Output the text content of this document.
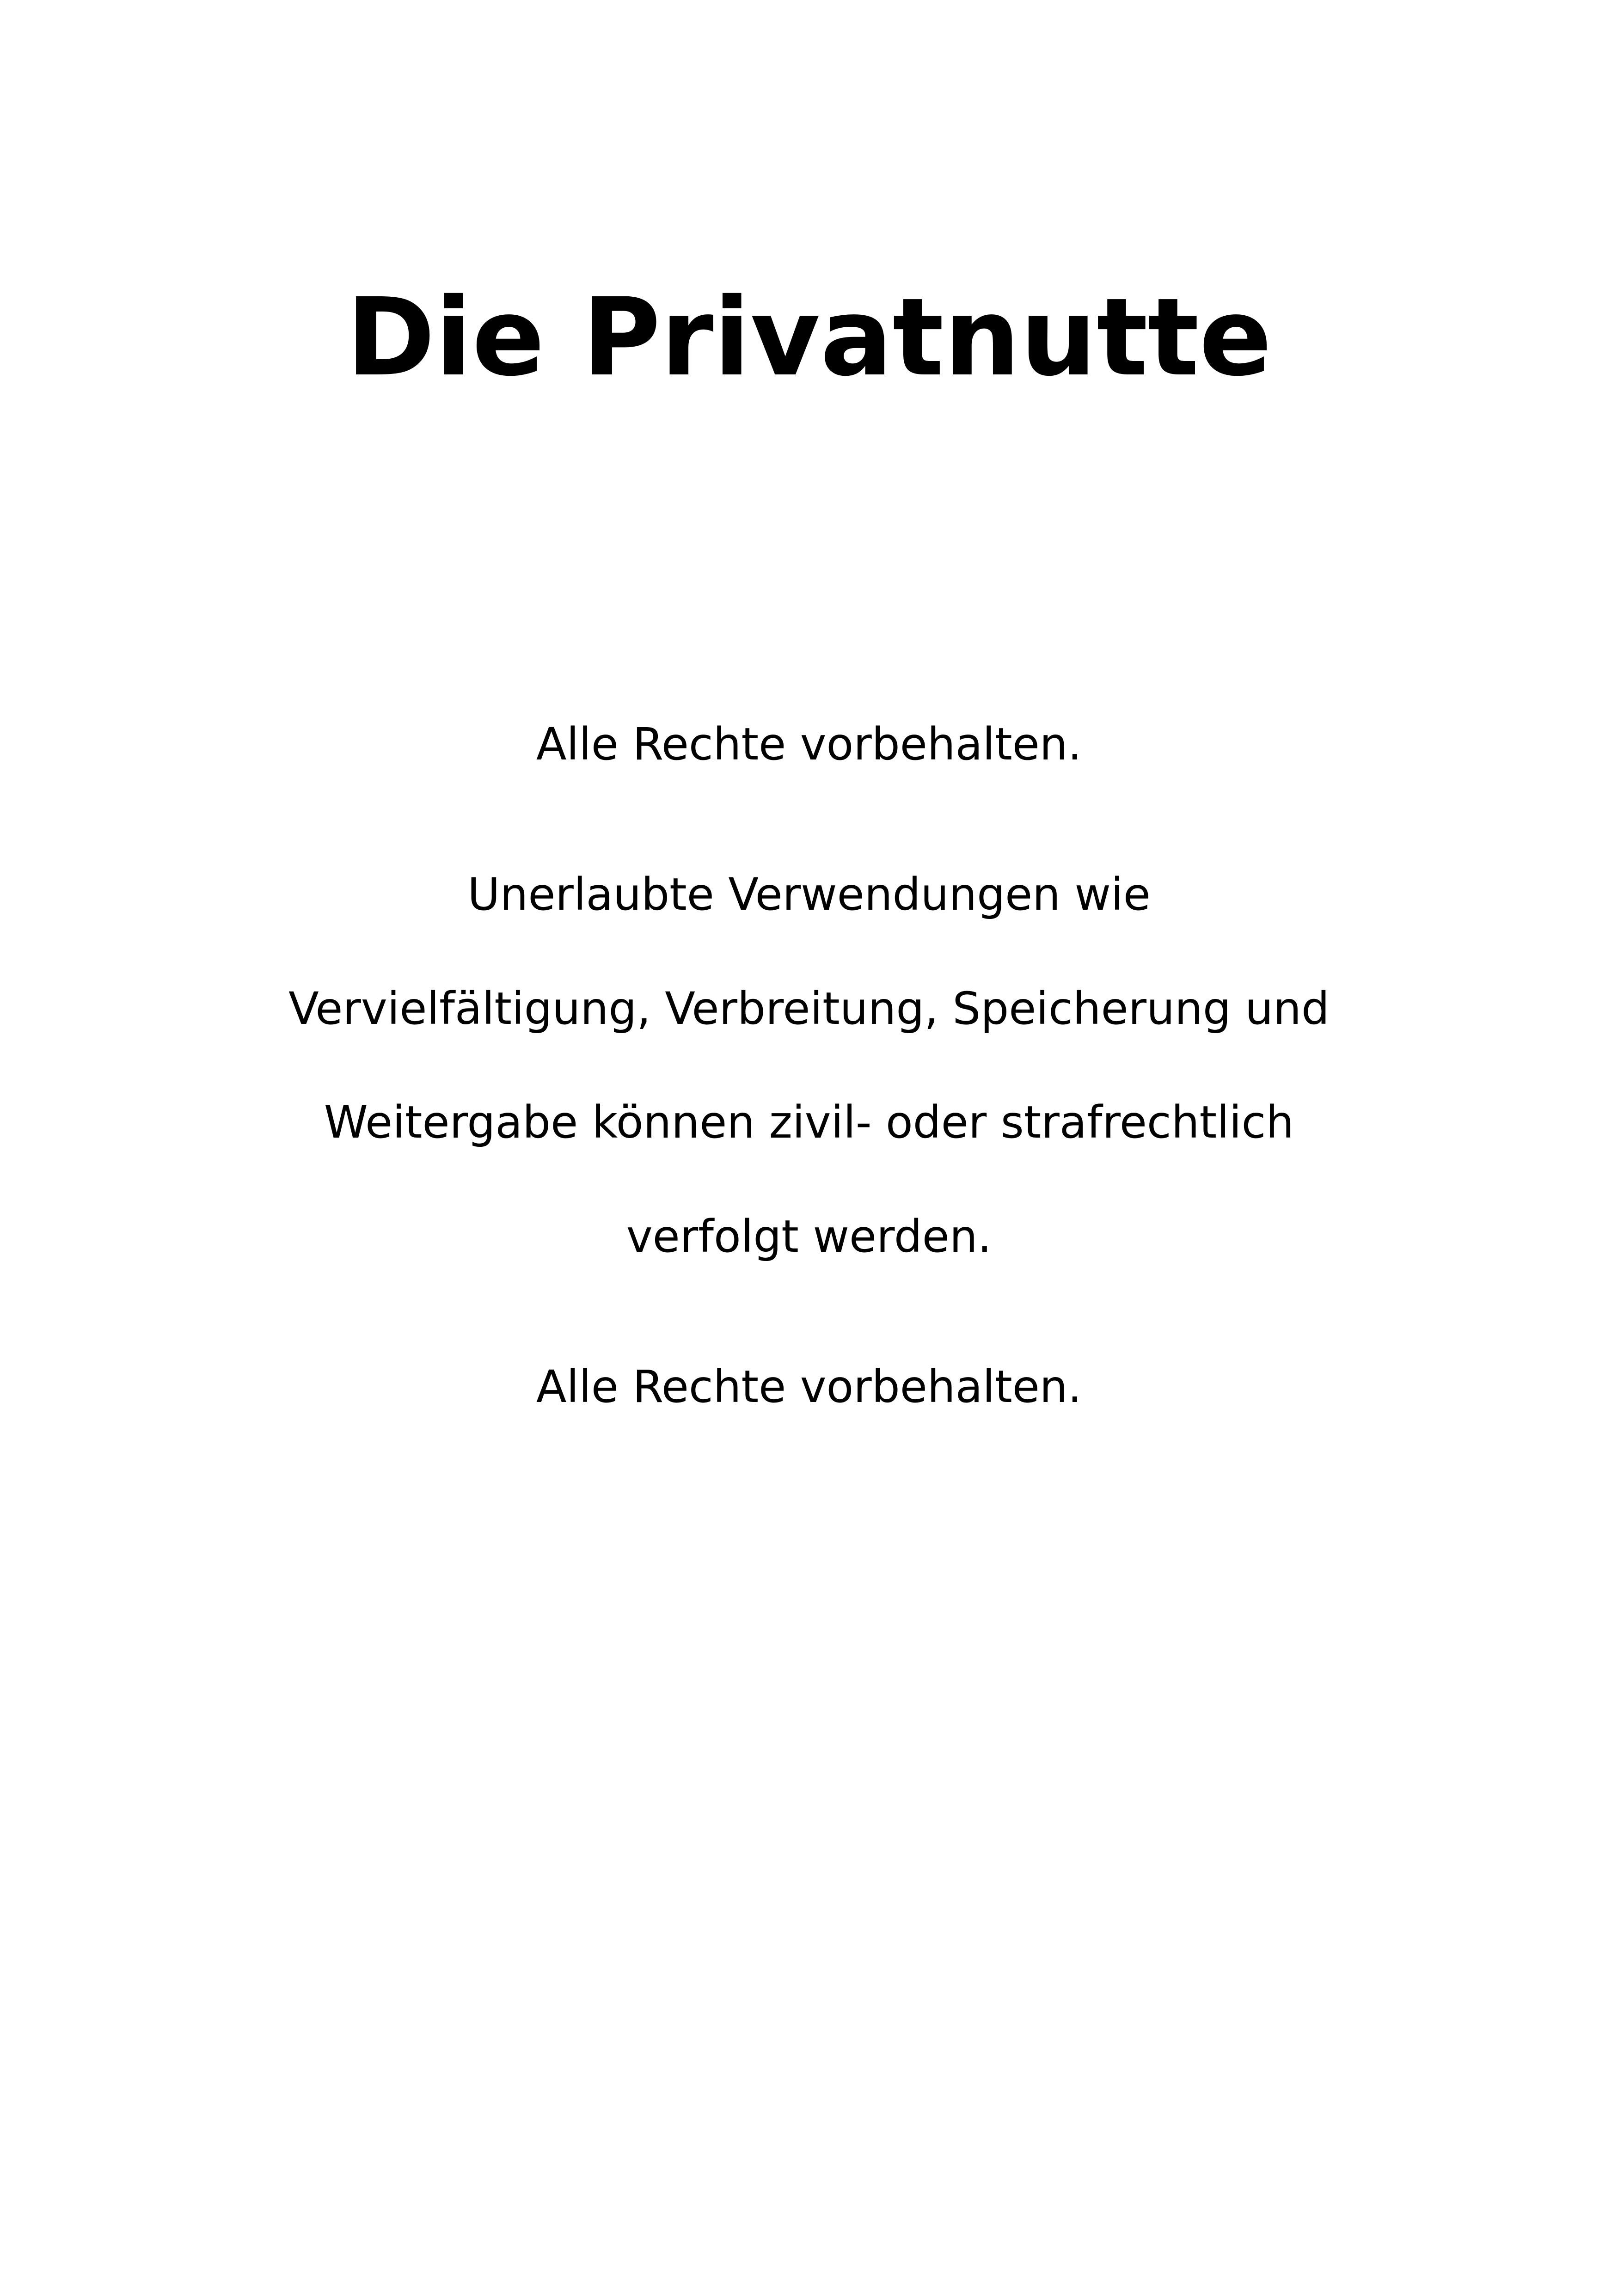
Die Privatnutte

Alle Rechte vorbehalten.

Unerlaubte Verwendungen wie

Vervielfältigung, Verbreitung, Speicherung und

Weitergabe können zivil- oder strafrechtlich

verfolgt werden.

Alle Rechte vorbehalten.
